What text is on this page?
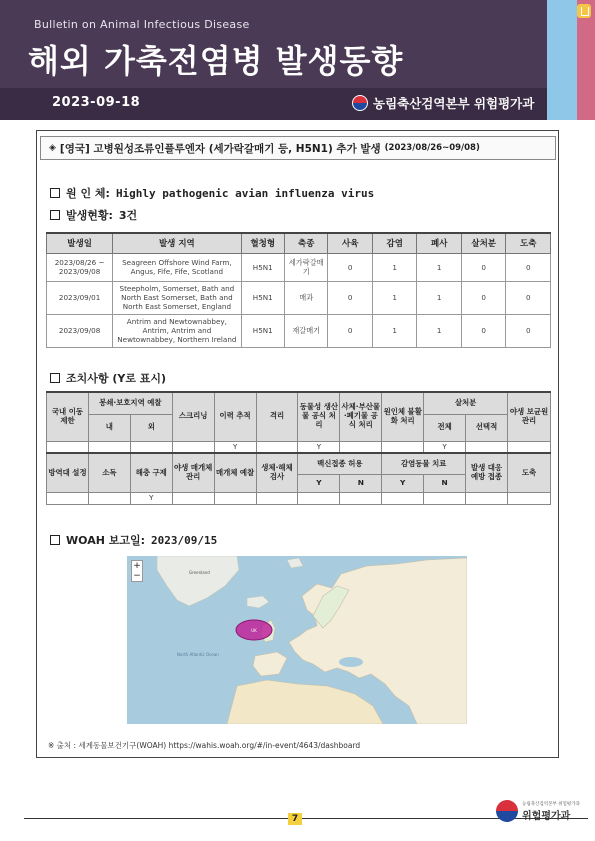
Bulletin on Animal Infectious Disease
해외 가축전염병 발생동향
2023-09-18	농림축산검역본부 위험평가과
◈ [영국] 고병원성조류인플루엔자 (세가락갈매기 등, H5N1) 추가 발생 (2023/08/26~09/08)
원 인 체: Highly pathogenic avian influenza virus
발생현황: 3건
발생일	발생 지역	혈청형	축종	사육	감염	폐사	살처분	도축
2023/08/26 ~ 2023/09/08	Seagreen Offshore Wind Farm, Angus, Fife, Fife, Scotland	H5N1	세가락갈매기	0	1	1	0	0
2023/09/01	Steepholm, Somerset, Bath and North East Somerset, Bath and North East Somerset, England	H5N1	매과	0	1	1	0	0
2023/09/08	Antrim and Newtownabbey, Antrim, Antrim and Newtownabbey, Northern Ireland	H5N1	재갈매기	0	1	1	0	0
조치사항 (Y로 표시)
국내 이동 제한	봉쇄·보호지역 예찰		스크리닝	이력 추적	격리	동물성 생산물 공식 처리	사체·부산물·폐기물 공식 처리	원인체 불활화 처리	살처분		야생 보균원 관리
	내	외							전체	선택적	
				Y		Y			Y		
방역대 설정	소독	해충 구제	야생 매개체 관리	매개체 예찰	생체·해체 검사	백신접종 허용		감염동물 치료		발생 대응 예방 접종	도축
						Y	N	Y	N		
		Y									
WOAH 보고일: 2023/09/15
UK
Greenland
North Atlantic Ocean
+
−
※ 출처 : 세계동물보건기구(WOAH) https://wahis.woah.org/#/in-event/4643/dashboard
7
농림축산검역본부 위험평가과
위험평가과
